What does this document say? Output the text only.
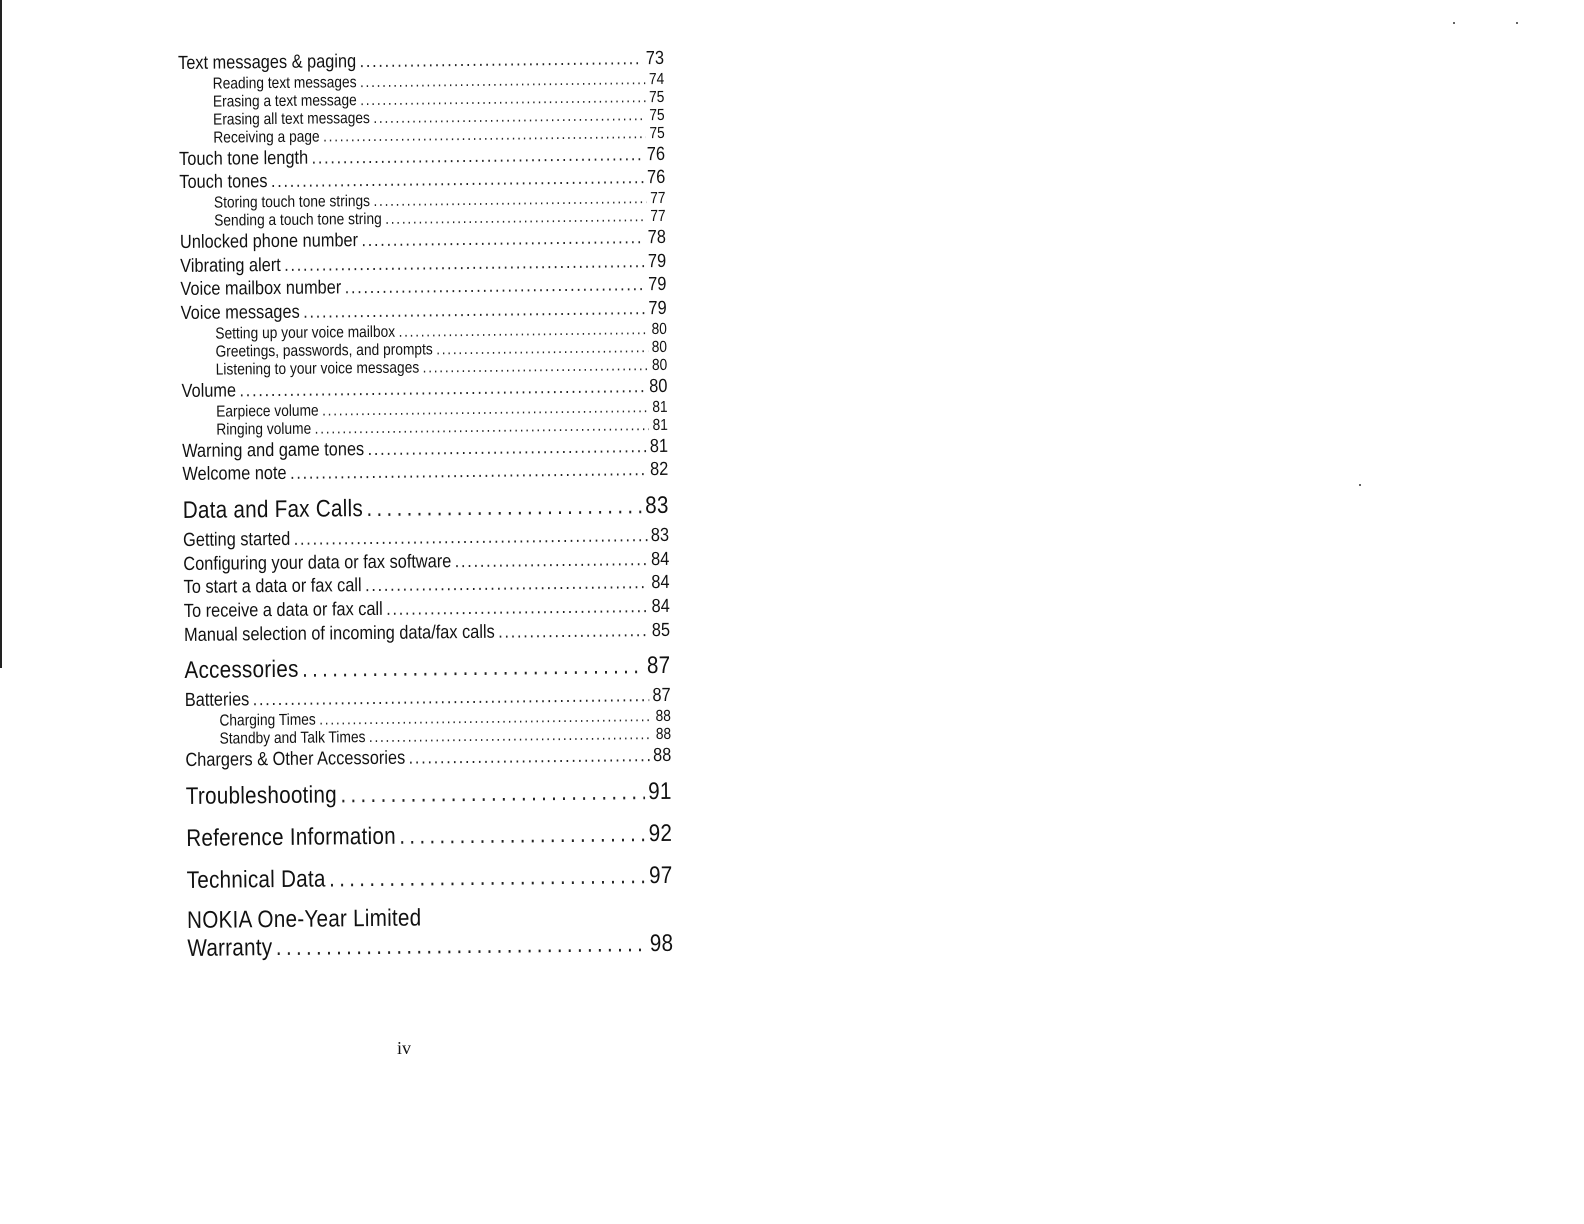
Text messages & paging .....	73
Reading text messages .....	74
Erasing a text message .....	75
Erasing all text messages .....	75
Receiving a page .....	75
Touch tone length .....	76
Touch tones .....	76
Storing touch tone strings .....	77
Sending a touch tone string .....	77
Unlocked phone number .....	78
Vibrating alert .....	79
Voice mailbox number .....	79
Voice messages .....	79
Setting up your voice mailbox .....	80
Greetings, passwords, and prompts .....	80
Listening to your voice messages .....	80
Volume .....	80
Earpiece volume .....	81
Ringing volume .....	81
Warning and game tones .....	81
Welcome note .....	82
Data and Fax Calls .....	83
Getting started .....	83
Configuring your data or fax software .....	84
To start a data or fax call .....	84
To receive a data or fax call .....	84
Manual selection of incoming data/fax calls .....	85
Accessories .....	87
Batteries .....	87
Charging Times .....	88
Standby and Talk Times .....	88
Chargers & Other Accessories .....	88
Troubleshooting .....	91
Reference Information .....	92
Technical Data .....	97
NOKIA One-Year Limited
Warranty .....	98
iv
